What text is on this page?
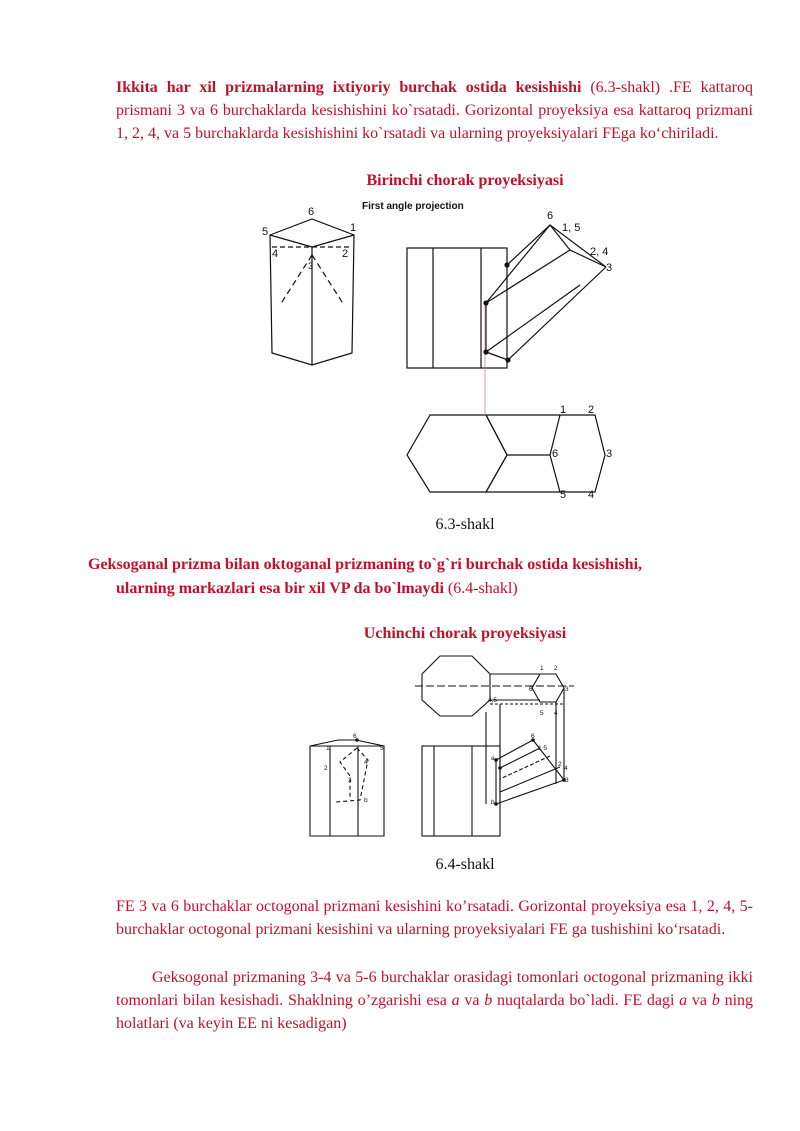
Ikkita har xil prizmalarning ixtiyoriy burchak ostida kesishishi (6.3-shakl) .FE kattaroq prismani 3 va 6 burchaklarda kesishishini ko`rsatadi. Gorizontal proyeksiya esa kattaroq prizmani 1, 2, 4, va 5 burchaklarda kesishishini ko`rsatadi va ularning proyeksiyalari FEga ko‘chiriladi.

Birinchi chorak proyeksiyasi

First angle projection
6
5	1
4	2
3
6
1, 5
2, 4
3
1 2
6	3
5 4

6.3-shakl

Geksoganal prizma bilan oktoganal prizmaning to`g`ri burchak ostida kesishishi,
ularning markazlari esa bir xil VP da bo`lmaydi (6.4-shakl)

Uchinchi chorak proyeksiyasi

1 2
6	3
5 4
4,5
6
1 5
a
b
2
4
3
6
1	5
2
4
3
b

6.4-shakl

FE 3 va 6 burchaklar octogonal prizmani kesishini ko’rsatadi. Gorizontal proyeksiya esa 1, 2, 4, 5- burchaklar octogonal prizmani kesishini va ularning proyeksiyalari FE ga tushishini ko‘rsatadi.

Geksogonal prizmaning 3-4 va 5-6 burchaklar orasidagi tomonlari octogonal prizmaning ikki tomonlari bilan kesishadi. Shaklning o’zgarishi esa a va b nuqtalarda bo`ladi. FE dagi a va b ning holatlari (va keyin EE ni kesadigan)
